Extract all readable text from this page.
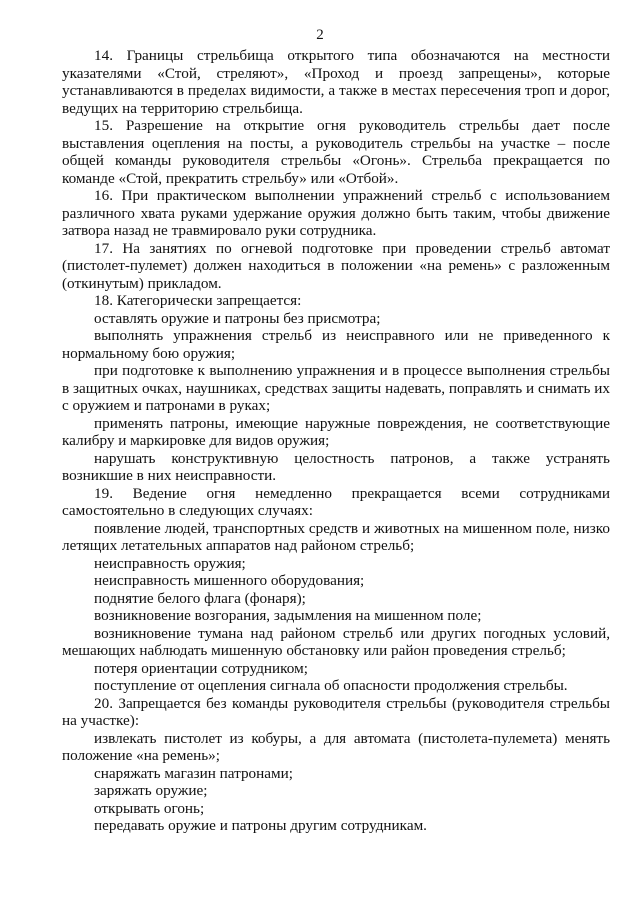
2

14. Границы стрельбища открытого типа обозначаются на местности указателями «Стой, стреляют», «Проход и проезд запрещены», которые устанавливаются в пределах видимости, а также в местах пересечения троп и дорог, ведущих на территорию стрельбища.

15. Разрешение на открытие огня руководитель стрельбы дает после выставления оцепления на посты, а руководитель стрельбы на участке – после общей команды руководителя стрельбы «Огонь». Стрельба прекращается по команде «Стой, прекратить стрельбу» или «Отбой».

16. При практическом выполнении упражнений стрельб с использованием различного хвата руками удержание оружия должно быть таким, чтобы движение затвора назад не травмировало руки сотрудника.

17. На занятиях по огневой подготовке при проведении стрельб автомат (пистолет-пулемет) должен находиться в положении «на ремень» с разложенным (откинутым) прикладом.

18. Категорически запрещается:

оставлять оружие и патроны без присмотра;

выполнять упражнения стрельб из неисправного или не приведенного к нормальному бою оружия;

при подготовке к выполнению упражнения и в процессе выполнения стрельбы в защитных очках, наушниках, средствах защиты надевать, поправлять и снимать их с оружием и патронами в руках;

применять патроны, имеющие наружные повреждения, не соответствующие калибру и маркировке для видов оружия;

нарушать конструктивную целостность патронов, а также устранять возникшие в них неисправности.

19. Ведение огня немедленно прекращается всеми сотрудниками самостоятельно в следующих случаях:

появление людей, транспортных средств и животных на мишенном поле, низко летящих летательных аппаратов над районом стрельб;

неисправность оружия;

неисправность мишенного оборудования;

поднятие белого флага (фонаря);

возникновение возгорания, задымления на мишенном поле;

возникновение тумана над районом стрельб или других погодных условий, мешающих наблюдать мишенную обстановку или район проведения стрельб;

потеря ориентации сотрудником;

поступление от оцепления сигнала об опасности продолжения стрельбы.

20. Запрещается без команды руководителя стрельбы (руководителя стрельбы на участке):

извлекать пистолет из кобуры, а для автомата (пистолета-пулемета) менять положение «на ремень»;

снаряжать магазин патронами;

заряжать оружие;

открывать огонь;

передавать оружие и патроны другим сотрудникам.
